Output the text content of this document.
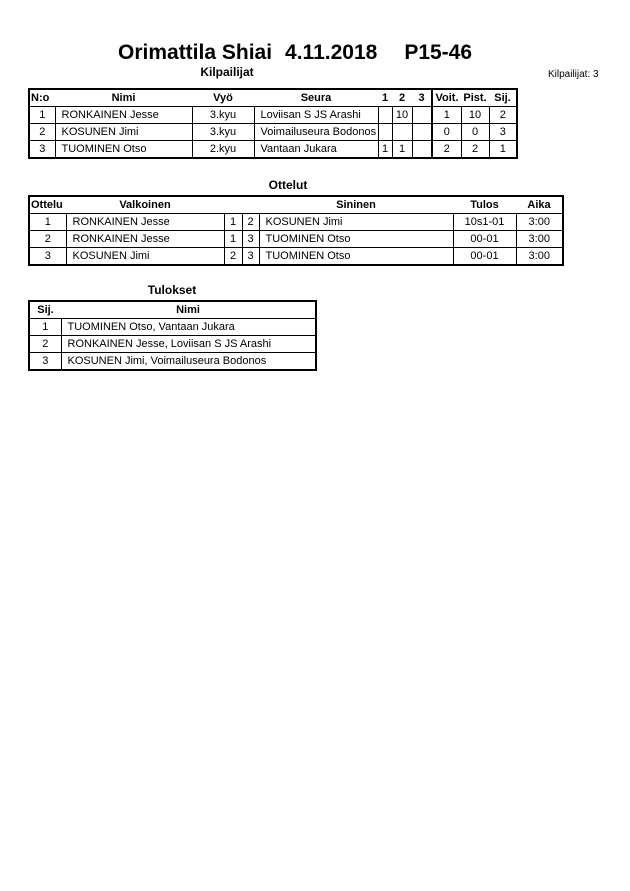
Orimattila Shiai 4.11.2018 P15-46
Kilpailijat	Kilpailijat: 3
N:o	Nimi	Vyö	Seura	1	2	3	Voit.	Pist.	Sij.
1	RONKAINEN Jesse	3.kyu	Loviisan S JS Arashi		10		1	10	2
2	KOSUNEN Jimi	3.kyu	Voimailuseura Bodonos				0	0	3
3	TUOMINEN Otso	2.kyu	Vantaan Jukara	1	1		2	2	1
Ottelut
Ottelu	Valkoinen			Sininen	Tulos	Aika
1	RONKAINEN Jesse	1	2	KOSUNEN Jimi	10s1-01	3:00
2	RONKAINEN Jesse	1	3	TUOMINEN Otso	00-01	3:00
3	KOSUNEN Jimi	2	3	TUOMINEN Otso	00-01	3:00
Tulokset
Sij.	Nimi
1	TUOMINEN Otso, Vantaan Jukara
2	RONKAINEN Jesse, Loviisan S JS Arashi
3	KOSUNEN Jimi, Voimailuseura Bodonos
